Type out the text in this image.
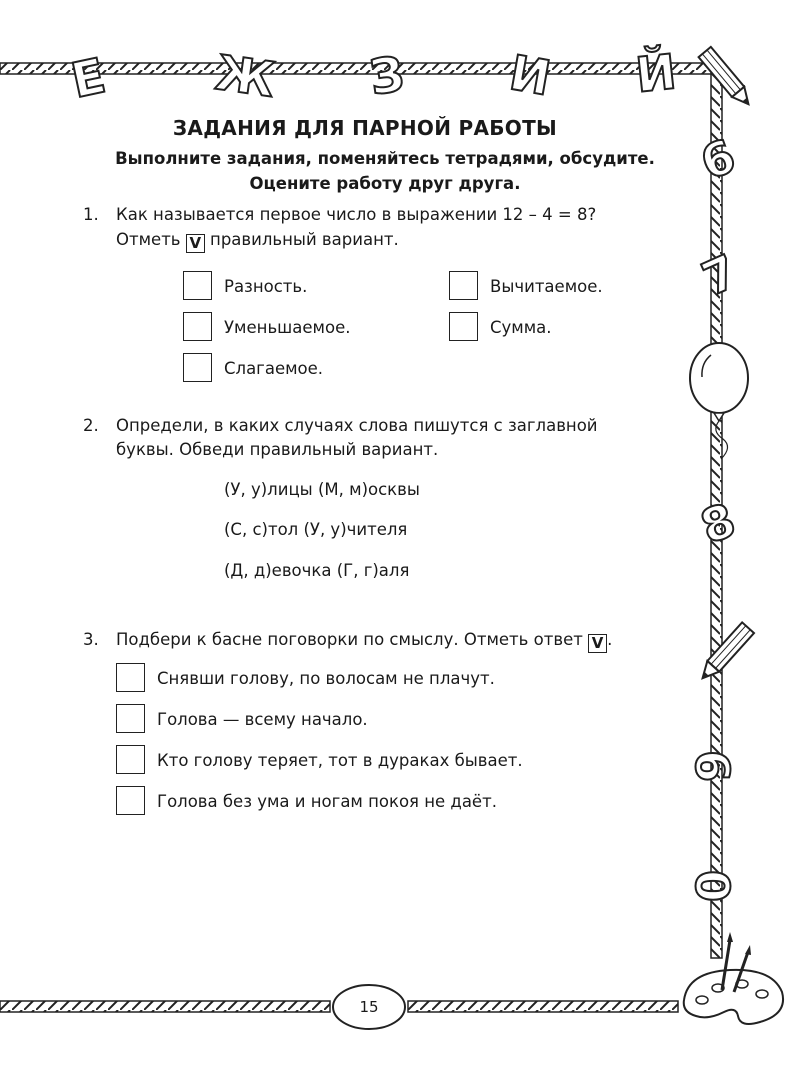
Е Ж З И Й
6
7
8
9
0
ЗАДАНИЯ ДЛЯ ПАРНОЙ РАБОТЫ
Выполните задания, поменяйтесь тетрадями, обсудите.
Оцените работу друг друга.
1. Как называется первое число в выражении 12 – 4 = 8?
Отметь V правильный вариант.
Разность.	Вычитаемое.
Уменьшаемое.	Сумма.
Слагаемое.
2. Определи, в каких случаях слова пишутся с заглавной
буквы. Обведи правильный вариант.
(У, у)лицы (М, м)осквы
(С, с)тол (У, у)чителя
(Д, д)евочка (Г, г)аля
3. Подбери к басне поговорки по смыслу. Отметь ответ V .
Снявши голову, по волосам не плачут.
Голова — всему начало.
Кто голову теряет, тот в дураках бывает.
Голова без ума и ногам покоя не даёт.
15
